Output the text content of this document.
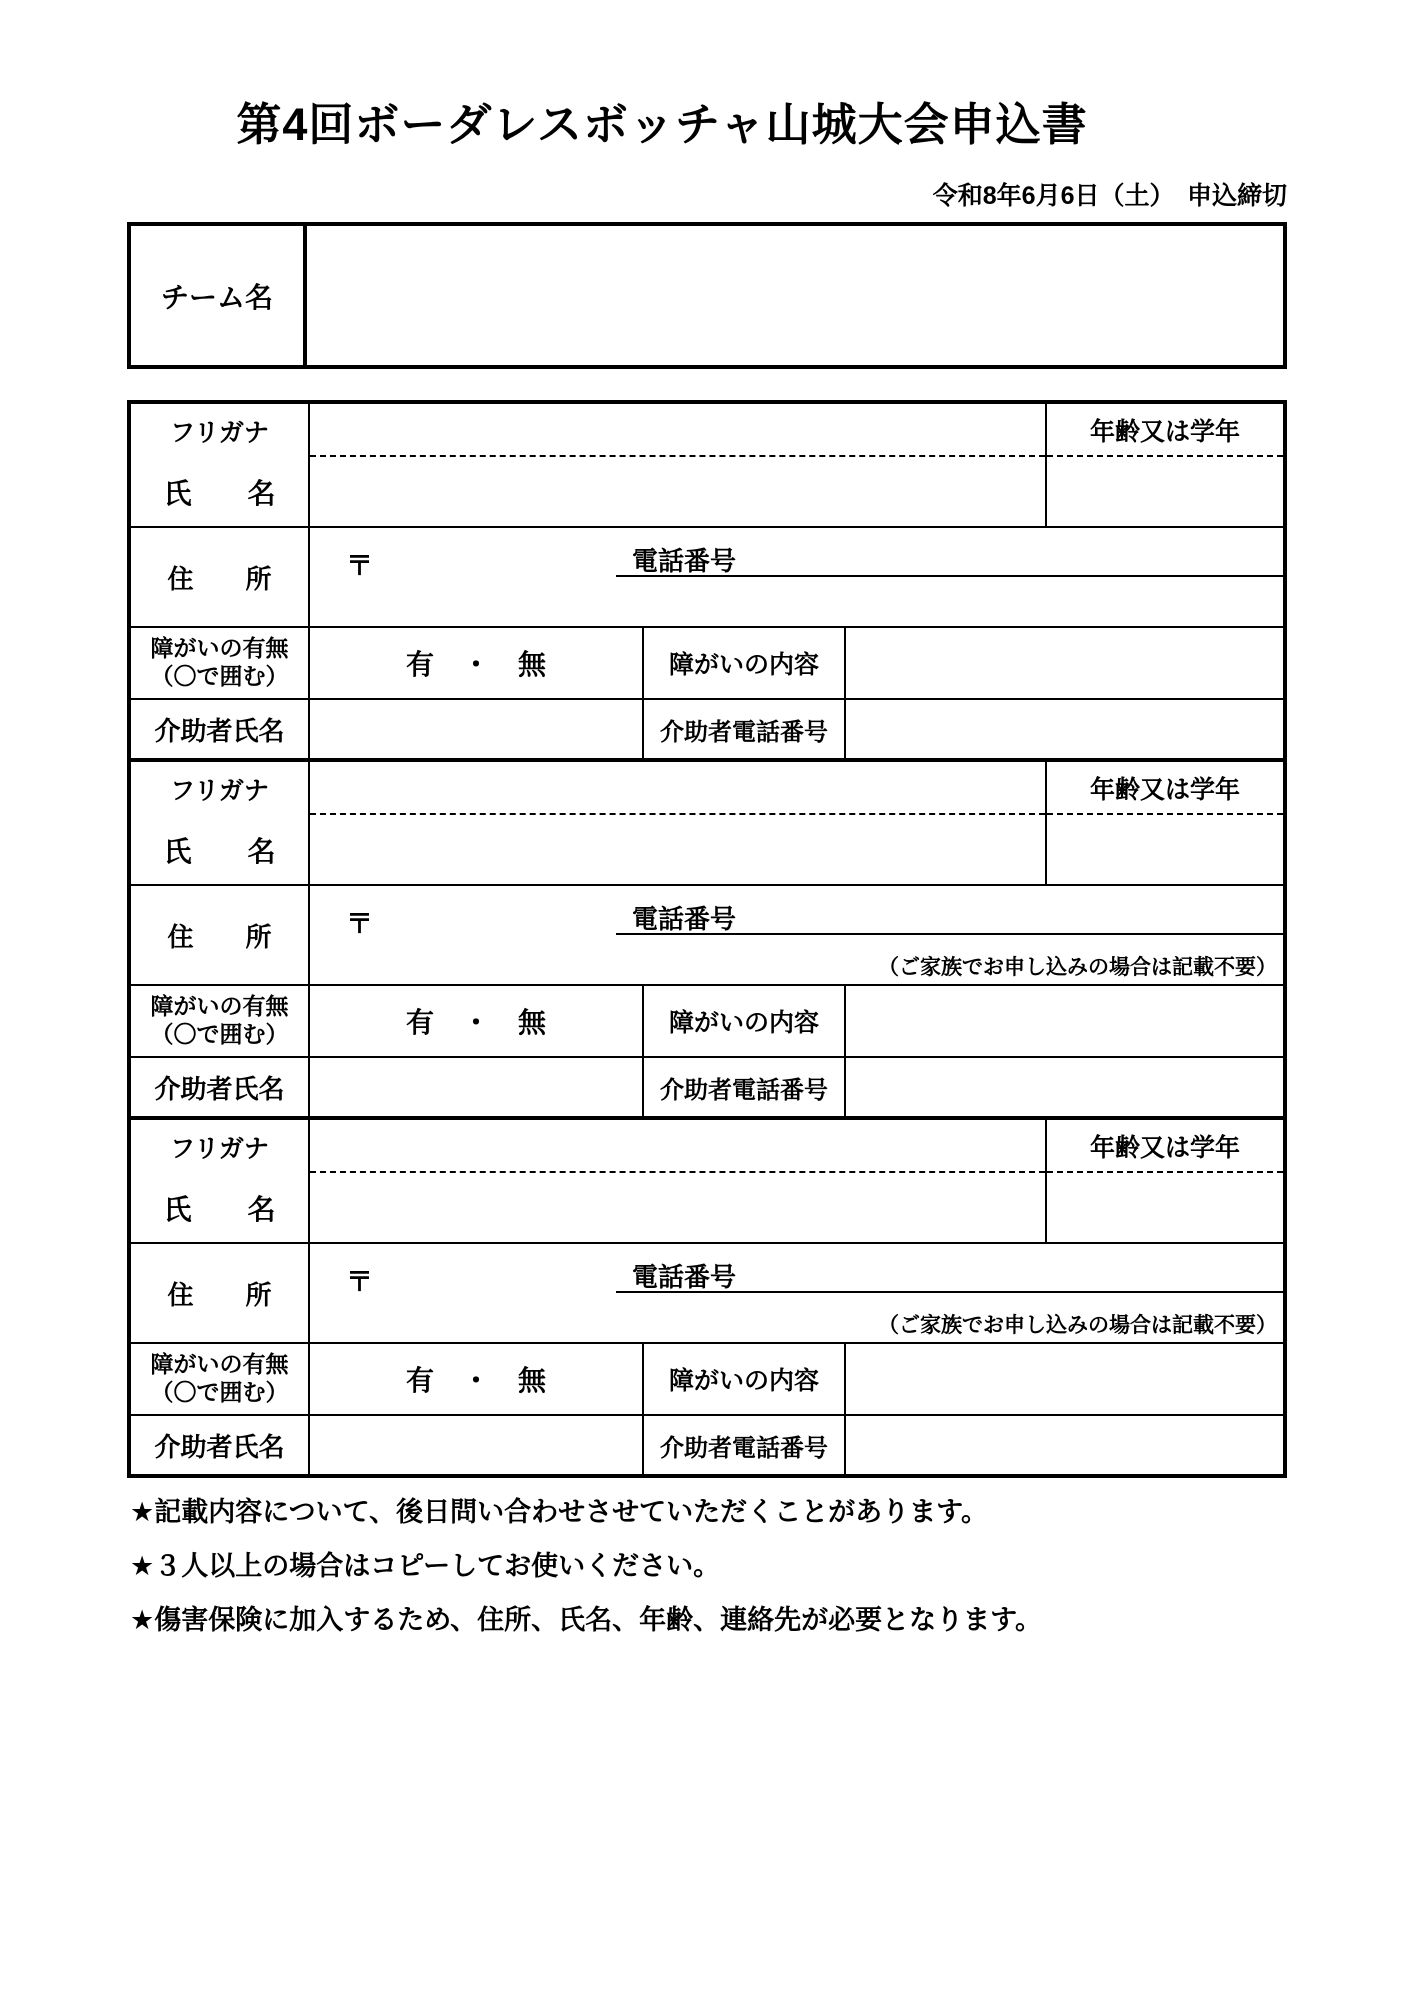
第4回ボーダレスボッチャ山城大会申込書
令和8年6月6日（土）　申込締切
チーム名
フリガナ
氏　　名
年齢又は学年
住　　所	〒	電話番号
障がいの有無
（〇で囲む）	有　・　無	障がいの内容
介助者氏名	介助者電話番号
フリガナ
氏　　名
年齢又は学年
住　　所	〒	電話番号
（ご家族でお申し込みの場合は記載不要）
障がいの有無
（〇で囲む）	有　・　無	障がいの内容
介助者氏名	介助者電話番号
フリガナ
氏　　名
年齢又は学年
住　　所	〒	電話番号
（ご家族でお申し込みの場合は記載不要）
障がいの有無
（〇で囲む）	有　・　無	障がいの内容
介助者氏名	介助者電話番号
★記載内容について、後日問い合わせさせていただくことがあります。
★３人以上の場合はコピーしてお使いください。
★傷害保険に加入するため、住所、氏名、年齢、連絡先が必要となります。
